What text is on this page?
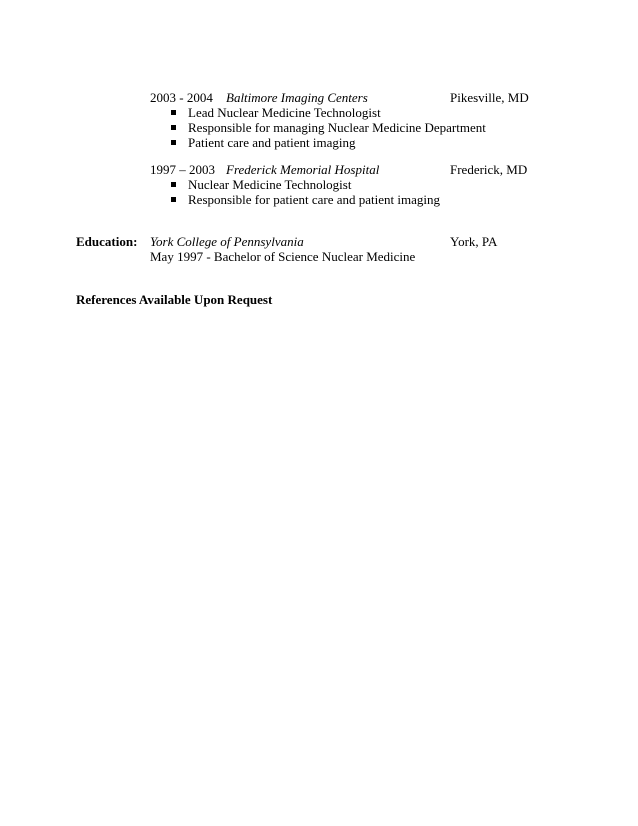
2003 - 2004 Baltimore Imaging Centers	Pikesville, MD
Lead Nuclear Medicine Technologist
Responsible for managing Nuclear Medicine Department
Patient care and patient imaging
1997 – 2003 Frederick Memorial Hospital	Frederick, MD
Nuclear Medicine Technologist
Responsible for patient care and patient imaging
Education: York College of Pennsylvania	York, PA
May 1997 - Bachelor of Science Nuclear Medicine
References Available Upon Request
